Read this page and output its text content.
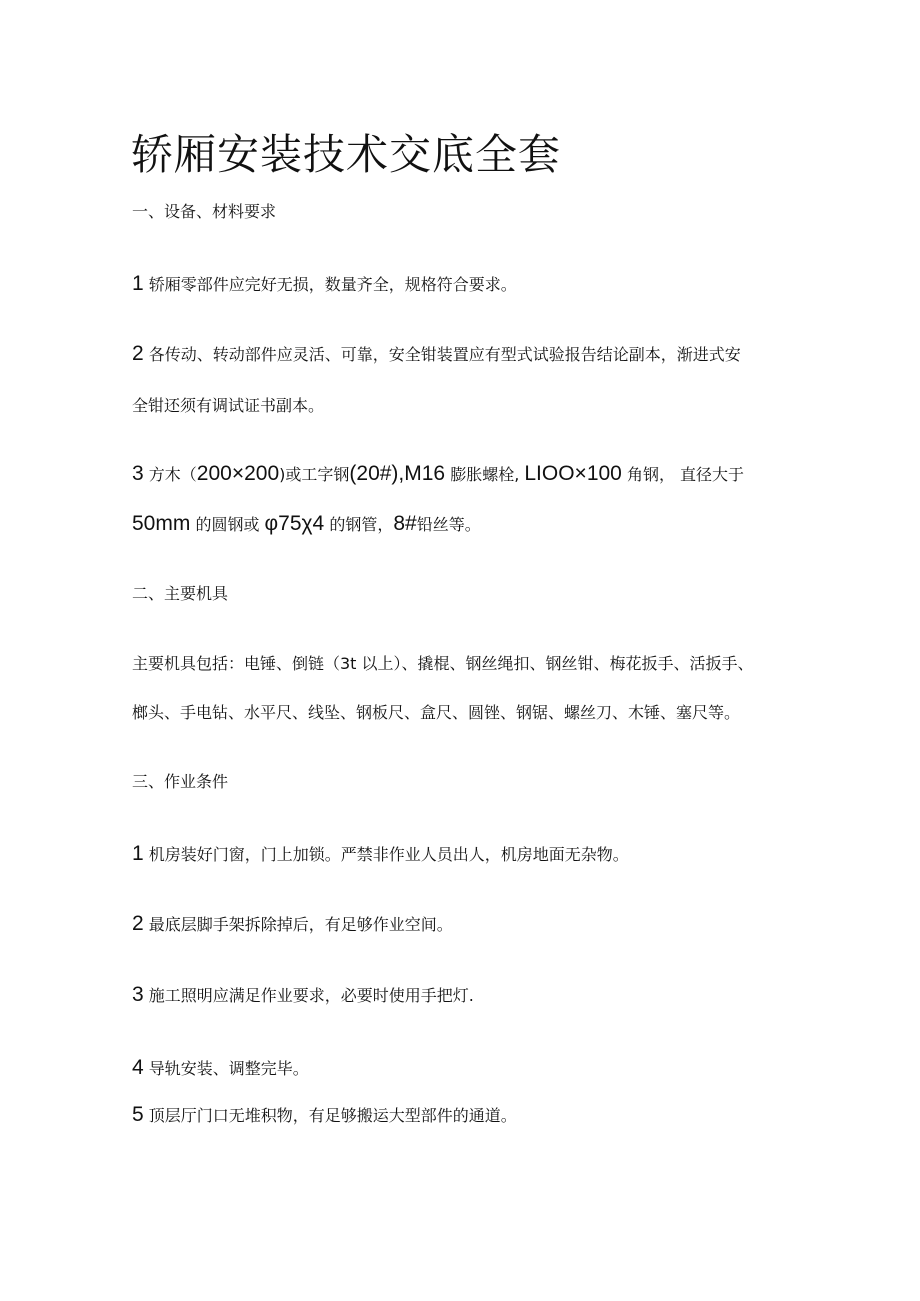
轿厢安装技术交底全套
一、设备、材料要求
1 轿厢零部件应完好无损，数量齐全，规格符合要求。
2 各传动、转动部件应灵活、可靠，安全钳装置应有型式试验报告结论副本，渐进式安
全钳还须有调试证书副本。
3 方木（200×200)或工字钢(20#),M16 膨胀螺栓, LIOO×100 角钢， 直径大于
50mm 的圆钢或 φ75χ4 的钢管，8#铅丝等。
二、主要机具
主要机具包括：电锤、倒链（3t 以上）、撬棍、钢丝绳扣、钢丝钳、梅花扳手、活扳手、
榔头、手电钻、水平尺、线坠、钢板尺、盒尺、圆锉、钢锯、螺丝刀、木锤、塞尺等。
三、作业条件
1 机房装好门窗，门上加锁。严禁非作业人员出人，机房地面无杂物。
2 最底层脚手架拆除掉后，有足够作业空间。
3 施工照明应满足作业要求，必要时使用手把灯.
4 导轨安装、调整完毕。
5 顶层厅门口无堆积物，有足够搬运大型部件的通道。
